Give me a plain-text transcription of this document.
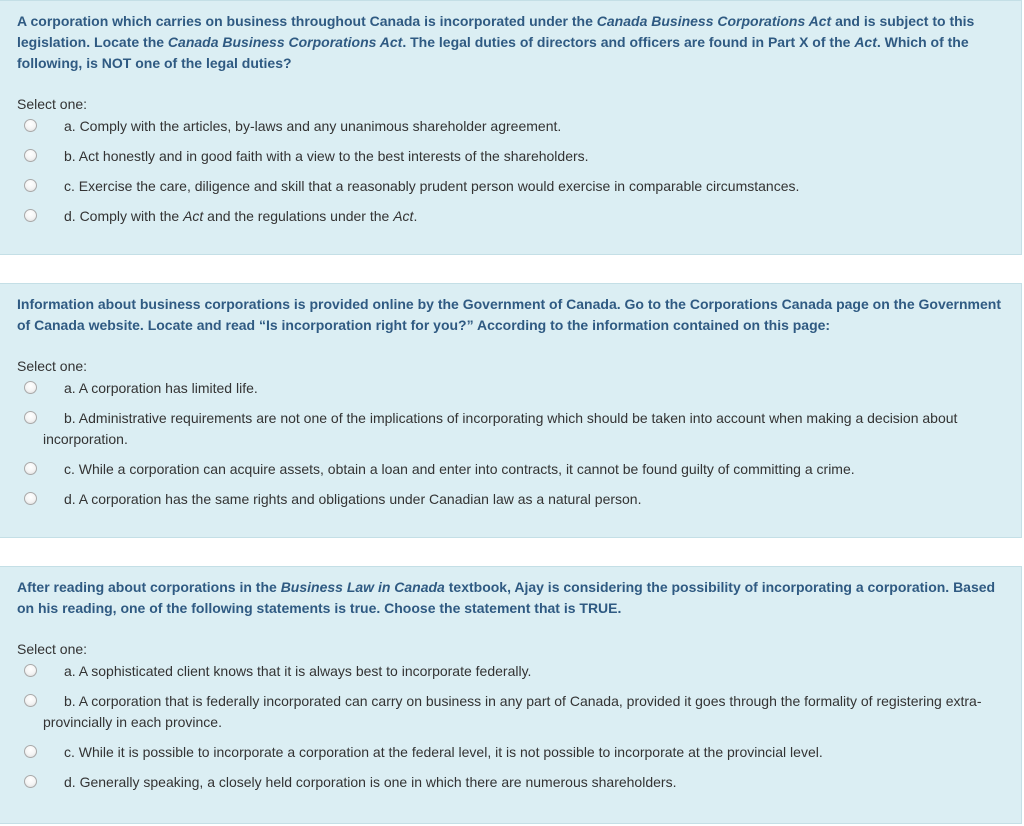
A corporation which carries on business throughout Canada is incorporated under the Canada Business Corporations Act and is subject to this legislation. Locate the Canada Business Corporations Act. The legal duties of directors and officers are found in Part X of the Act. Which of the following, is NOT one of the legal duties?

Select one:
a. Comply with the articles, by-laws and any unanimous shareholder agreement.
b. Act honestly and in good faith with a view to the best interests of the shareholders.
c. Exercise the care, diligence and skill that a reasonably prudent person would exercise in comparable circumstances.
d. Comply with the Act and the regulations under the Act.

Information about business corporations is provided online by the Government of Canada. Go to the Corporations Canada page on the Government of Canada website. Locate and read “Is incorporation right for you?” According to the information contained on this page:

Select one:
a. A corporation has limited life.
b. Administrative requirements are not one of the implications of incorporating which should be taken into account when making a decision about incorporation.
c. While a corporation can acquire assets, obtain a loan and enter into contracts, it cannot be found guilty of committing a crime.
d. A corporation has the same rights and obligations under Canadian law as a natural person.

After reading about corporations in the Business Law in Canada textbook, Ajay is considering the possibility of incorporating a corporation. Based on his reading, one of the following statements is true. Choose the statement that is TRUE.

Select one:
a. A sophisticated client knows that it is always best to incorporate federally.
b. A corporation that is federally incorporated can carry on business in any part of Canada, provided it goes through the formality of registering extra-provincially in each province.
c. While it is possible to incorporate a corporation at the federal level, it is not possible to incorporate at the provincial level.
d. Generally speaking, a closely held corporation is one in which there are numerous shareholders.
